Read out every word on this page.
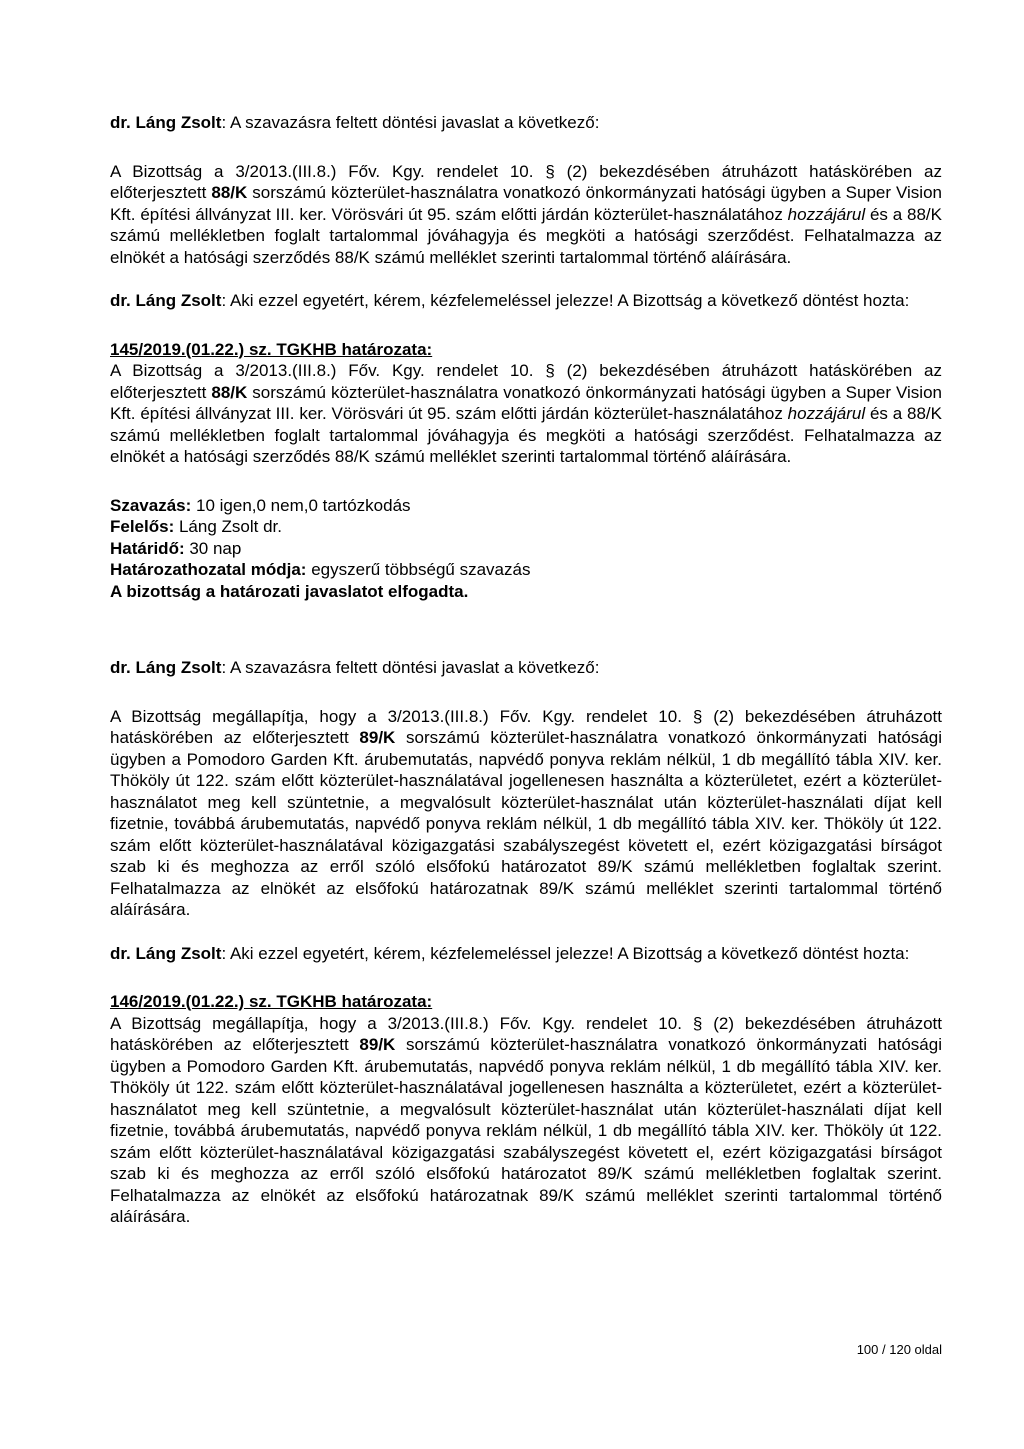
dr. Láng Zsolt: A szavazásra feltett döntési javaslat a következő:

A Bizottság a 3/2013.(III.8.) Főv. Kgy. rendelet 10. § (2) bekezdésében átruházott hatáskörében az előterjesztett 88/K sorszámú közterület-használatra vonatkozó önkormányzati hatósági ügyben a Super Vision Kft. építési állványzat III. ker. Vörösvári út 95. szám előtti járdán közterület-használatához hozzájárul és a 88/K számú mellékletben foglalt tartalommal jóváhagyja és megköti a hatósági szerződést. Felhatalmazza az elnökét a hatósági szerződés 88/K számú melléklet szerinti tartalommal történő aláírására.

dr. Láng Zsolt: Aki ezzel egyetért, kérem, kézfelemeléssel jelezze! A Bizottság a következő döntést hozta:

145/2019.(01.22.) sz. TGKHB határozata:

A Bizottság a 3/2013.(III.8.) Főv. Kgy. rendelet 10. § (2) bekezdésében átruházott hatáskörében az előterjesztett 88/K sorszámú közterület-használatra vonatkozó önkormányzati hatósági ügyben a Super Vision Kft. építési állványzat III. ker. Vörösvári út 95. szám előtti járdán közterület-használatához hozzájárul és a 88/K számú mellékletben foglalt tartalommal jóváhagyja és megköti a hatósági szerződést. Felhatalmazza az elnökét a hatósági szerződés 88/K számú melléklet szerinti tartalommal történő aláírására.

Szavazás: 10 igen,0 nem,0 tartózkodás

Felelős: Láng Zsolt dr.

Határidő: 30 nap

Határozathozatal módja: egyszerű többségű szavazás

A bizottság a határozati javaslatot elfogadta.

dr. Láng Zsolt: A szavazásra feltett döntési javaslat a következő:

A Bizottság megállapítja, hogy a 3/2013.(III.8.) Főv. Kgy. rendelet 10. § (2) bekezdésében átruházott hatáskörében az előterjesztett 89/K sorszámú közterület-használatra vonatkozó önkormányzati hatósági ügyben a Pomodoro Garden Kft. árubemutatás, napvédő ponyva reklám nélkül, 1 db megállító tábla XIV. ker. Thököly út 122. szám előtt közterület-használatával jogellenesen használta a közterületet, ezért a közterület-használatot meg kell szüntetnie, a megvalósult közterület-használat után közterület-használati díjat kell fizetnie, továbbá árubemutatás, napvédő ponyva reklám nélkül, 1 db megállító tábla XIV. ker. Thököly út 122. szám előtt közterület-használatával közigazgatási szabályszegést követett el, ezért közigazgatási bírságot szab ki és meghozza az erről szóló elsőfokú határozatot 89/K számú mellékletben foglaltak szerint. Felhatalmazza az elnökét az elsőfokú határozatnak 89/K számú melléklet szerinti tartalommal történő aláírására.

dr. Láng Zsolt: Aki ezzel egyetért, kérem, kézfelemeléssel jelezze! A Bizottság a következő döntést hozta:

146/2019.(01.22.) sz. TGKHB határozata:

A Bizottság megállapítja, hogy a 3/2013.(III.8.) Főv. Kgy. rendelet 10. § (2) bekezdésében átruházott hatáskörében az előterjesztett 89/K sorszámú közterület-használatra vonatkozó önkormányzati hatósági ügyben a Pomodoro Garden Kft. árubemutatás, napvédő ponyva reklám nélkül, 1 db megállító tábla XIV. ker. Thököly út 122. szám előtt közterület-használatával jogellenesen használta a közterületet, ezért a közterület-használatot meg kell szüntetnie, a megvalósult közterület-használat után közterület-használati díjat kell fizetnie, továbbá árubemutatás, napvédő ponyva reklám nélkül, 1 db megállító tábla XIV. ker. Thököly út 122. szám előtt közterület-használatával közigazgatási szabályszegést követett el, ezért közigazgatási bírságot szab ki és meghozza az erről szóló elsőfokú határozatot 89/K számú mellékletben foglaltak szerint. Felhatalmazza az elnökét az elsőfokú határozatnak 89/K számú melléklet szerinti tartalommal történő aláírására.

100 / 120 oldal
